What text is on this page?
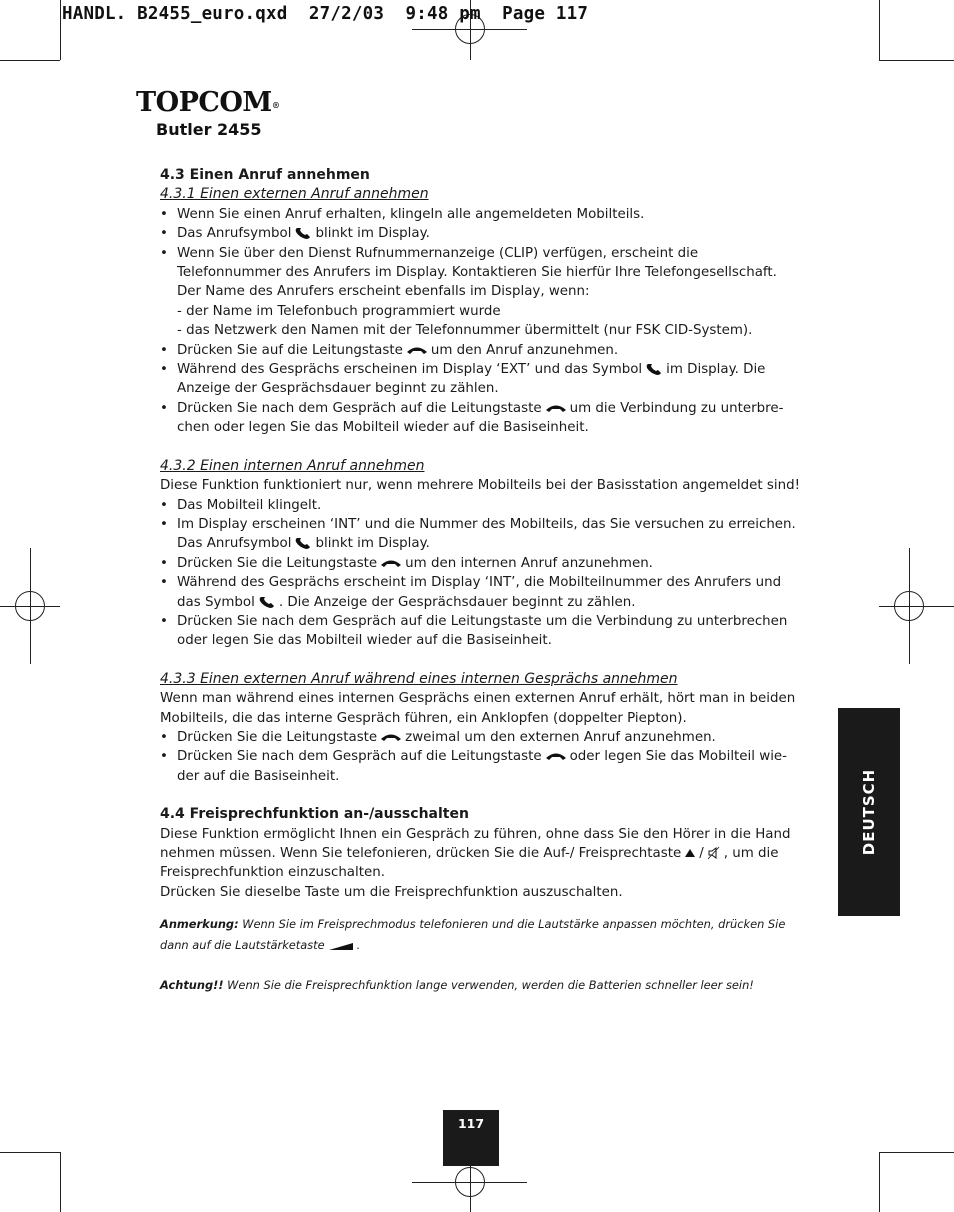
HANDL. B2455_euro.qxd  27/2/03  9:48 pm  Page 117
TOPCOM®
Butler 2455

4.3 Einen Anruf annehmen

4.3.1 Einen externen Anruf annehmen

• Wenn Sie einen Anruf erhalten, klingeln alle angemeldeten Mobilteils.
• Das Anrufsymbol blinkt im Display.
• Wenn Sie über den Dienst Rufnummernanzeige (CLIP) verfügen, erscheint die
Telefonnummer des Anrufers im Display. Kontaktieren Sie hierfür Ihre Telefongesellschaft.
Der Name des Anrufers erscheint ebenfalls im Display, wenn:
- der Name im Telefonbuch programmiert wurde
- das Netzwerk den Namen mit der Telefonnummer übermittelt (nur FSK CID-System).
• Drücken Sie auf die Leitungstaste um den Anruf anzunehmen.
• Während des Gesprächs erscheinen im Display ‘EXT’ und das Symbol im Display. Die
Anzeige der Gesprächsdauer beginnt zu zählen.
• Drücken Sie nach dem Gespräch auf die Leitungstaste um die Verbindung zu unterbre-
chen oder legen Sie das Mobilteil wieder auf die Basiseinheit.

4.3.2 Einen internen Anruf annehmen

Diese Funktion funktioniert nur, wenn mehrere Mobilteils bei der Basisstation angemeldet sind!

• Das Mobilteil klingelt.
• Im Display erscheinen ‘INT’ und die Nummer des Mobilteils, das Sie versuchen zu erreichen.
Das Anrufsymbol blinkt im Display.
• Drücken Sie die Leitungstaste um den internen Anruf anzunehmen.
• Während des Gesprächs erscheint im Display ‘INT’, die Mobilteilnummer des Anrufers und
das Symbol . Die Anzeige der Gesprächsdauer beginnt zu zählen.
• Drücken Sie nach dem Gespräch auf die Leitungstaste um die Verbindung zu unterbrechen
oder legen Sie das Mobilteil wieder auf die Basiseinheit.

4.3.3 Einen externen Anruf während eines internen Gesprächs annehmen

Wenn man während eines internen Gesprächs einen externen Anruf erhält, hört man in beiden
Mobilteils, die das interne Gespräch führen, ein Anklopfen (doppelter Piepton).

• Drücken Sie die Leitungstaste zweimal um den externen Anruf anzunehmen.
• Drücken Sie nach dem Gespräch auf die Leitungstaste oder legen Sie das Mobilteil wie-
der auf die Basiseinheit.

4.4 Freisprechfunktion an-/ausschalten

Diese Funktion ermöglicht Ihnen ein Gespräch zu führen, ohne dass Sie den Hörer in die Hand
nehmen müssen. Wenn Sie telefonieren, drücken Sie die Auf-/ Freisprechtaste / , um die
Freisprechfunktion einzuschalten.
Drücken Sie dieselbe Taste um die Freisprechfunktion auszuschalten.

Anmerkung: Wenn Sie im Freisprechmodus telefonieren und die Lautstärke anpassen möchten, drücken Sie
dann auf die Lautstärketaste	.

Achtung!! Wenn Sie die Freisprechfunktion lange verwenden, werden die Batterien schneller leer sein!

DEUTSCH
117
